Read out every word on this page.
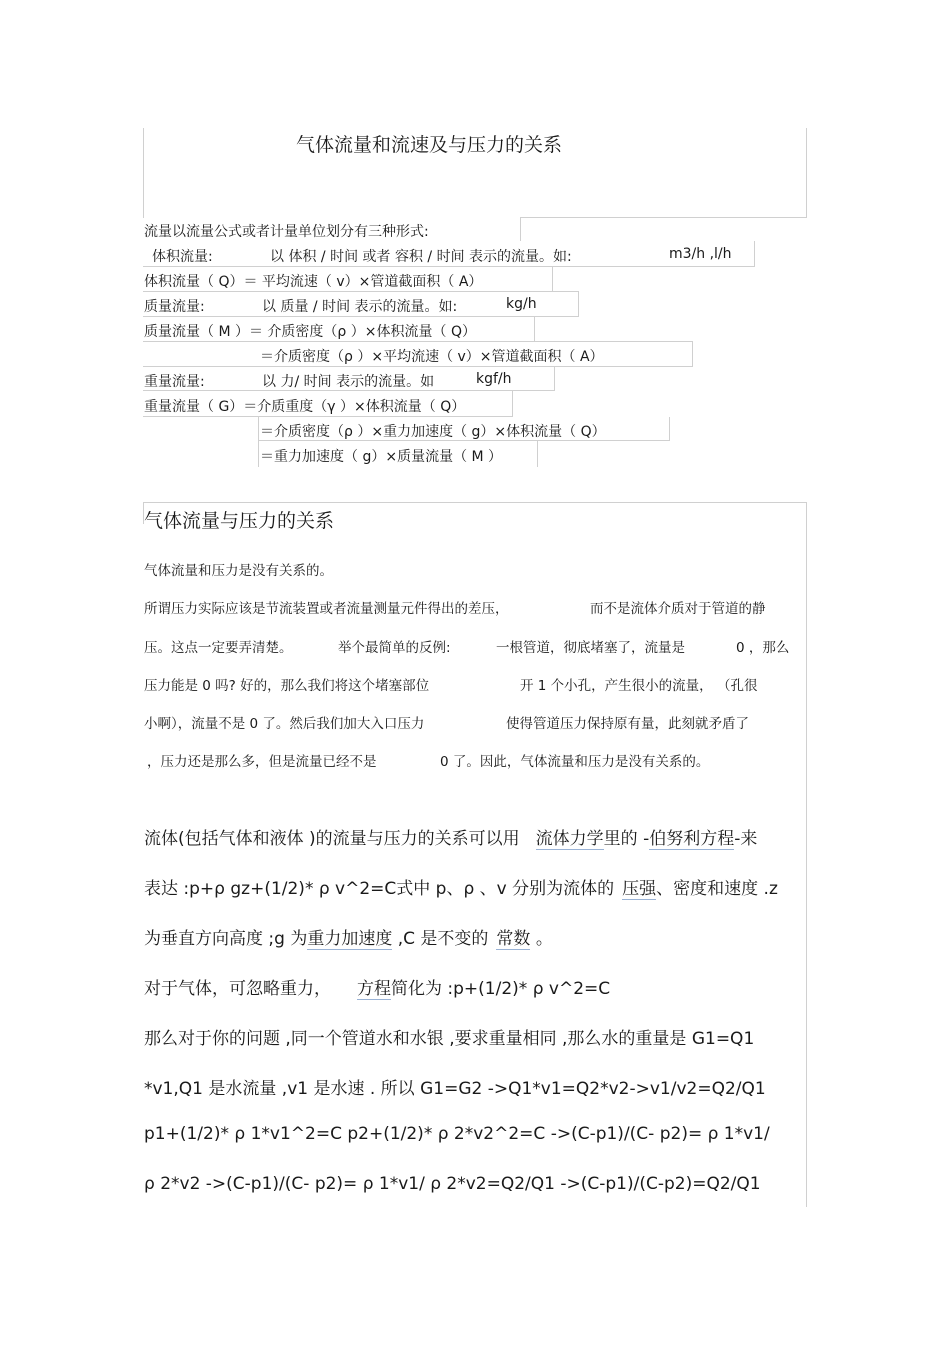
气体流量和流速及与压力的关系
流量以流量公式或者计量单位划分有三种形式:
体积流量:	以 体积 / 时间 或者 容积 / 时间 表示的流量。如:	m3/h ,l/h
体积流量（ Q）＝ 平均流速（ v）×管道截面积（ A）
质量流量:	以 质量 / 时间 表示的流量。如:	kg/h
质量流量（ M ）＝ 介质密度（ρ ）×体积流量（ Q）
＝介质密度（ρ ）×平均流速（ v）×管道截面积（ A）
重量流量:	以 力/ 时间 表示的流量。如	kgf/h
重量流量（ G）＝介质重度（γ ）×体积流量（ Q）
＝介质密度（ρ ）×重力加速度（ g）×体积流量（ Q）
＝重力加速度（ g）×质量流量（ M ）
气体流量与压力的关系
气体流量和压力是没有关系的。
所谓压力实际应该是节流装置或者流量测量元件得出的差压，	而不是流体介质对于管道的静
压。这点一定要弄清楚。	举个最简单的反例:	一根管道，彻底堵塞了，流量是	0 ，那么
压力能是 0 吗? 好的，那么我们将这个堵塞部位	开 1 个小孔，产生很小的流量， （孔很
小啊），流量不是 0 了。然后我们加大入口压力	使得管道压力保持原有量，此刻就矛盾了
，压力还是那么多，但是流量已经不是	0 了。因此，气体流量和压力是没有关系的。
流体(包括气体和液体 )的流量与压力的关系可以用 流体力学里的 -伯努利方程-来
表达 :p+ρ gz+(1/2)* ρ v^2=C式中 p、ρ 、v 分别为流体的 压强、密度和速度 .z
为垂直方向高度 ;g 为重力加速度 ,C 是不变的 常数 。
对于气体，可忽略重力， 方程简化为 :p+(1/2)* ρ v^2=C
那么对于你的问题 ,同一个管道水和水银 ,要求重量相同 ,那么水的重量是 G1=Q1
*v1,Q1 是水流量 ,v1 是水速 . 所以 G1=G2 ->Q1*v1=Q2*v2->v1/v2=Q2/Q1
p1+(1/2)* ρ 1*v1^2=C p2+(1/2)* ρ 2*v2^2=C ->(C-p1)/(C- p2)= ρ 1*v1/
ρ 2*v2 ->(C-p1)/(C- p2)= ρ 1*v1/ ρ 2*v2=Q2/Q1 ->(C-p1)/(C-p2)=Q2/Q1
